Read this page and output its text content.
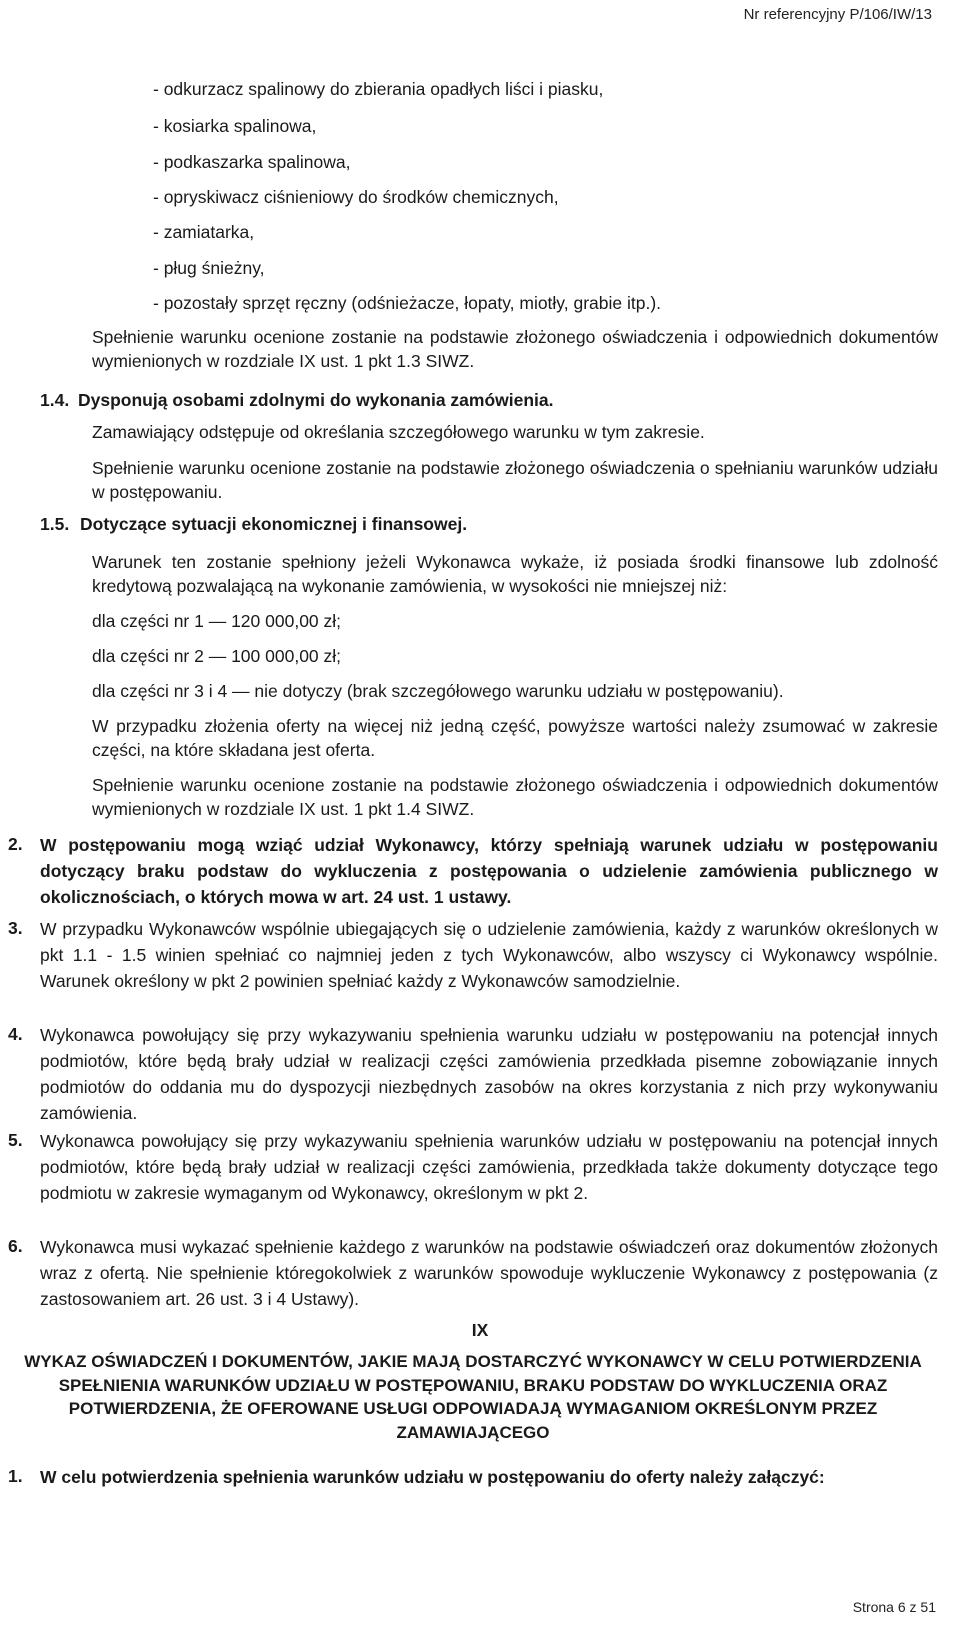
Nr referencyjny P/106/IW/13
- odkurzacz spalinowy do zbierania opadłych liści i piasku,
- kosiarka spalinowa,
- podkaszarka spalinowa,
- opryskiwacz ciśnieniowy do środków chemicznych,
- zamiatarka,
- pług śnieżny,
- pozostały sprzęt ręczny (odśnieżacze, łopaty, miotły, grabie itp.).
Spełnienie warunku ocenione zostanie na podstawie złożonego oświadczenia i odpowiednich dokumentów wymienionych w rozdziale IX ust. 1 pkt 1.3 SIWZ.
1.4. Dysponują osobami zdolnymi do wykonania zamówienia.
Zamawiający odstępuje od określania szczegółowego warunku w tym zakresie.
Spełnienie warunku ocenione zostanie na podstawie złożonego oświadczenia o spełnianiu warunków udziału w postępowaniu.
1.5. Dotyczące sytuacji ekonomicznej i finansowej.
Warunek ten zostanie spełniony jeżeli Wykonawca wykaże, iż posiada środki finansowe lub zdolność kredytową pozwalającą na wykonanie zamówienia, w wysokości nie mniejszej niż:
dla części nr 1 — 120 000,00 zł;
dla części nr 2 — 100 000,00 zł;
dla części nr 3 i 4 — nie dotyczy (brak szczegółowego warunku udziału w postępowaniu).
W przypadku złożenia oferty na więcej niż jedną część, powyższe wartości należy zsumować w zakresie części, na które składana jest oferta.
Spełnienie warunku ocenione zostanie na podstawie złożonego oświadczenia i odpowiednich dokumentów wymienionych w rozdziale IX ust. 1 pkt 1.4 SIWZ.
2. W postępowaniu mogą wziąć udział Wykonawcy, którzy spełniają warunek udziału w postępowaniu dotyczący braku podstaw do wykluczenia z postępowania o udzielenie zamówienia publicznego w okolicznościach, o których mowa w art. 24 ust. 1 ustawy.
3. W przypadku Wykonawców wspólnie ubiegających się o udzielenie zamówienia, każdy z warunków określonych w pkt 1.1 - 1.5 winien spełniać co najmniej jeden z tych Wykonawców, albo wszyscy ci Wykonawcy wspólnie. Warunek określony w pkt 2 powinien spełniać każdy z Wykonawców samodzielnie.
4. Wykonawca powołujący się przy wykazywaniu spełnienia warunku udziału w postępowaniu na potencjał innych podmiotów, które będą brały udział w realizacji części zamówienia przedkłada pisemne zobowiązanie innych podmiotów do oddania mu do dyspozycji niezbędnych zasobów na okres korzystania z nich przy wykonywaniu zamówienia.
5. Wykonawca powołujący się przy wykazywaniu spełnienia warunków udziału w postępowaniu na potencjał innych podmiotów, które będą brały udział w realizacji części zamówienia, przedkłada także dokumenty dotyczące tego podmiotu w zakresie wymaganym od Wykonawcy, określonym w pkt 2.
6. Wykonawca musi wykazać spełnienie każdego z warunków na podstawie oświadczeń oraz dokumentów złożonych wraz z ofertą. Nie spełnienie któregokolwiek z warunków spowoduje wykluczenie Wykonawcy z postępowania (z zastosowaniem art. 26 ust. 3 i 4 Ustawy).
IX
WYKAZ OŚWIADCZEŃ I DOKUMENTÓW, JAKIE MAJĄ DOSTARCZYĆ WYKONAWCY W CELU POTWIERDZENIA SPEŁNIENIA WARUNKÓW UDZIAŁU W POSTĘPOWANIU, BRAKU PODSTAW DO WYKLUCZENIA ORAZ POTWIERDZENIA, ŻE OFEROWANE USŁUGI ODPOWIADAJĄ WYMAGANIOM OKREŚLONYM PRZEZ ZAMAWIAJĄCEGO
1. W celu potwierdzenia spełnienia warunków udziału w postępowaniu do oferty należy załączyć:
Strona 6 z 51
